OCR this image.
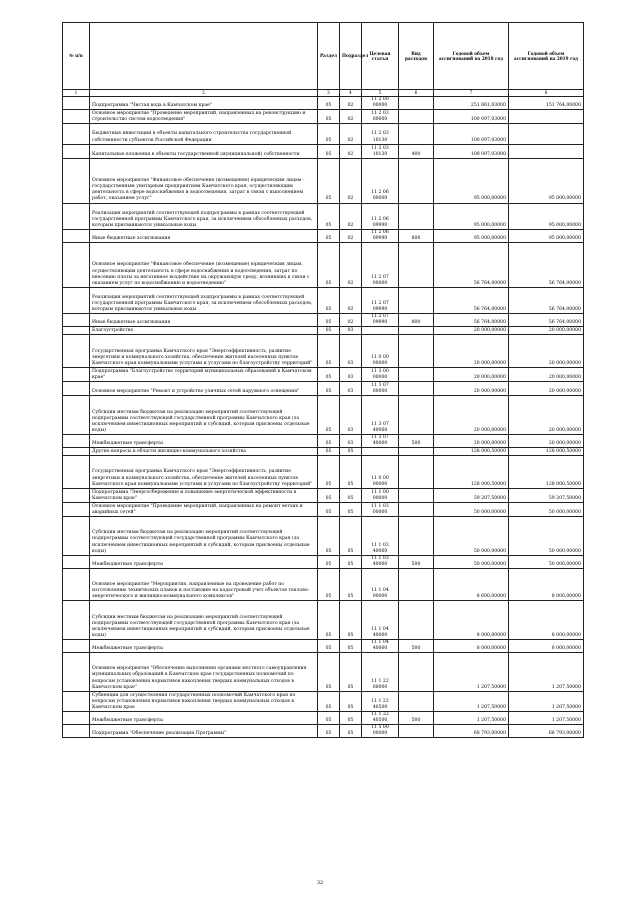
№ п/п		Раздел	Подраздел	Целевая статья	Вид расходов	Годовой объем ассигнований на 2018 год	Годовой объем ассигнований на 2019 год
1	2	3	4	5	6	7	8
	Подпрограмма "Чистая вода в Камчатском крае"	05	02	11 2 00 00000		251 861,03000	151 764,00000
	Основное мероприятие "Проведение мероприятий, направленных на реконструкцию и строительство систем водоотведения"	05	02	11 2 03 00000		100 097,03000	
	Бюджетные инвестиции в объекты капитального строительства государственной собственности субъектов Российской Федерации	05	02	11 2 03 10130		100 097,03000	
	Капитальные вложения в объекты государственной (муниципальной) собственности	05	02	11 2 03 10130	400	100 097,03000	
	Основное мероприятие "Финансовое обеспечение (возмещение) юридическим лицам - государственным унитарным предприятиям Камчатского края, осуществляющим деятельность в сфере водоснабжения и водоотведения, затрат в связи с выполнением работ, оказанием услуг"	05	02	11 2 06 00000		95 000,00000	95 000,00000
	Реализация мероприятий соответствующей подпрограммы в рамках соответствующей государственной программы Камчатского края, за исключением обособленных расходов, которым присваиваются уникальные коды	05	02	11 2 06 09990		95 000,00000	95 000,00000
	Иные бюджетные ассигнования	05	02	11 2 06 09990	800	95 000,00000	95 000,00000
	Основное мероприятие "Финансовое обеспечение (возмещение) юридическим лицам, осуществляющим деятельность в сфере водоснабжения и водоотведения, затрат по внесению платы за негативное воздействие на окружающую среду, возникших в связи с оказанием услуг по водоснабжению и водоотведению"	05	02	11 2 07 00000		56 764,00000	56 764,00000
	Реализация мероприятий соответствующей подпрограммы в рамках соответствующей государственной программы Камчатского края, за исключением обособленных расходов, которым присваиваются уникальные коды	05	02	11 2 07 09990		56 764,00000	56 764,00000
	Иные бюджетные ассигнования	05	02	11 2 07 09990	800	56 764,00000	56 764,00000
	Благоустройство	05	03			20 000,00000	20 000,00000
	Государственная программа Камчатского края "Энергоэффективность, развитие энергетики и коммунального хозяйства, обеспечение жителей населенных пунктов Камчатского края коммунальными услугами и услугами по благоустройству территорий"	05	03	11 0 00 00000		20 000,00000	20 000,00000
	Подпрограмма "Благоустройство территорий муниципальных образований в Камчатском крае"	05	03	11 3 00 00000		20 000,00000	20 000,00000
	Основное мероприятие "Ремонт и устройство уличных сетей наружного освещения"	05	03	11 3 07 00000		20 000,00000	20 000,00000
	Субсидии местным бюджетам на реализацию мероприятий соответствующей подпрограммы соответствующей государственной программы Камчатского края (за исключением инвестиционных мероприятий и субсидий, которым присвоены отдельные коды)	05	03	11 3 07 40060		20 000,00000	20 000,00000
	Межбюджетные трансферты	05	03	11 3 07 40060	500	20 000,00000	20 000,00000
	Другие вопросы в области жилищно-коммунального хозяйства	05	05			128 000,50000	128 000,50000
	Государственная программа Камчатского края "Энергоэффективность, развитие энергетики и коммунального хозяйства, обеспечение жителей населенных пунктов Камчатского края коммунальными услугами и услугами по благоустройству территорий"	05	05	11 0 00 00000		128 000,50000	128 000,50000
	Подпрограмма "Энергосбережение и повышение энергетической эффективности в Камчатском крае"	05	05	11 1 00 00000		59 207,50000	59 207,50000
	Основное мероприятие "Проведение мероприятий, направленных на ремонт ветхих и аварийных сетей"	05	05	11 1 03 00000		50 000,00000	50 000,00000
	Субсидии местным бюджетам на реализацию мероприятий соответствующей подпрограммы соответствующей государственной программы Камчатского края (за исключением инвестиционных мероприятий и субсидий, которым присвоены отдельные коды)	05	05	11 1 03 40060		50 000,00000	50 000,00000
	Межбюджетные трансферты	05	05	11 1 03 40060	500	50 000,00000	50 000,00000
	Основное мероприятие "Мероприятия, направленные на проведение работ по изготовлению технических планов и постановке на кадастровый учет объектов теплово-энергетического и жилищно-коммунального комплексов"	05	05	11 1 04 00000		8 600,00000	8 000,00000
	Субсидии местным бюджетам на реализацию мероприятий соответствующей подпрограммы соответствующей государственной программы Камчатского края (за исключением инвестиционных мероприятий и субсидий, которым присвоены отдельные коды)	05	05	11 1 04 40060		8 000,00000	8 000,00000
	Межбюджетные трансферты	05	05	11 1 04 40060	500	8 000,00000	8 000,00000
	Основное мероприятие "Обеспечение выполнения органами местного самоуправления муниципальных образований в Камчатском крае государственных полномочий по вопросам установления нормативов накопления твердых коммунальных отходов в Камчатском крае"	05	05	11 1 22 00000		1 207,50000	1 207,50000
	Субвенции для осуществления государственных полномочий Камчатского края по вопросам установления нормативов накопления твердых коммунальных отходов в Камчатском крае	05	05	11 1 22 40500		1 207,50000	1 207,50000
	Межбюджетные трансферты	05	05	11 1 22 40500	500	1 207,50000	1 207,50000
	Подпрограмма "Обеспечение реализации Программы"	05	05	11 5 00 00000		68 793,00000	68 793,00000
32
